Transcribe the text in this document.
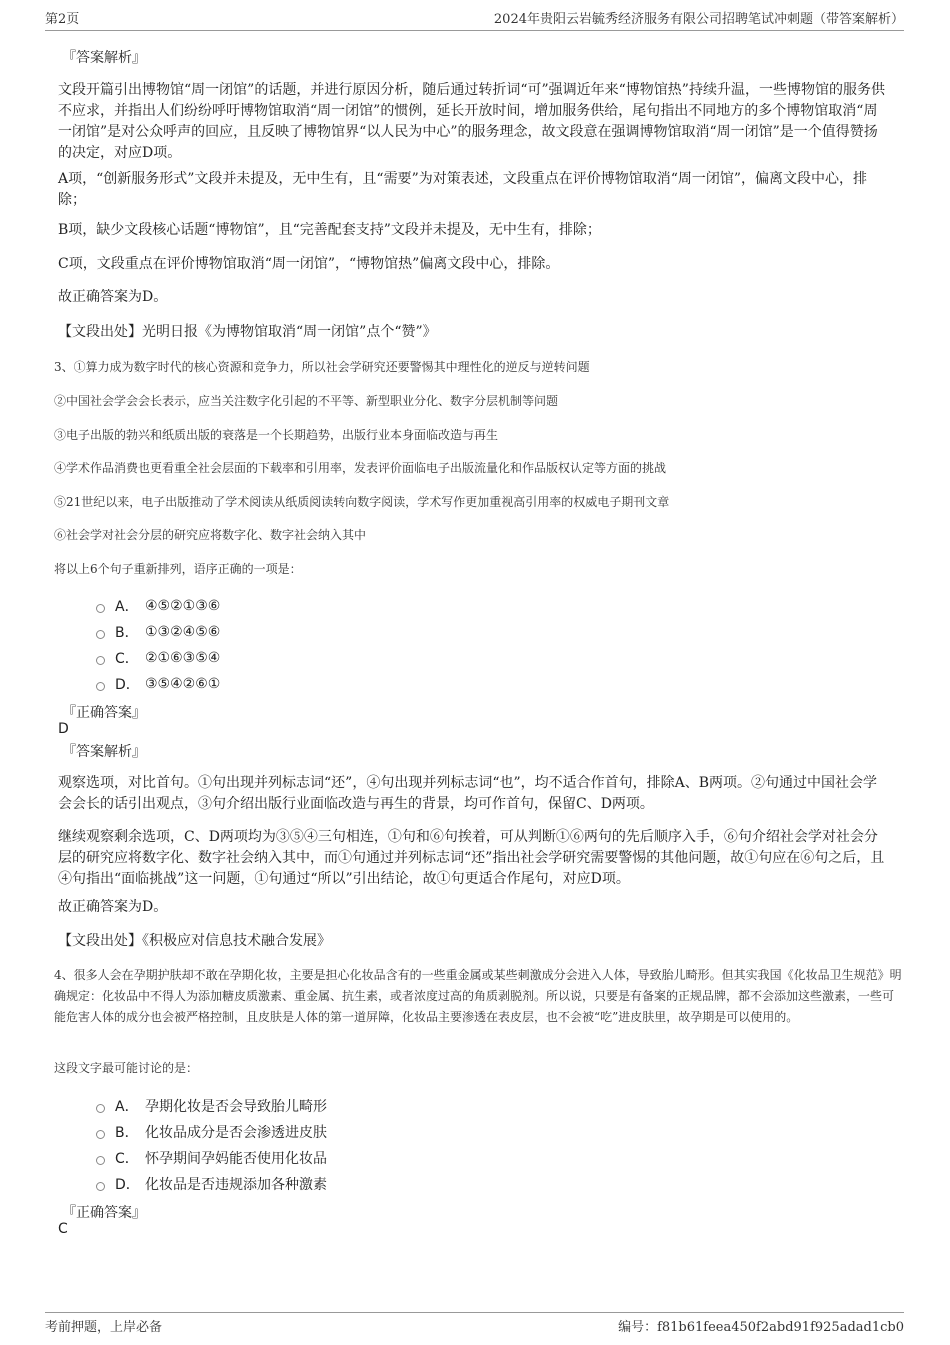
第2页	2024年贵阳云岩毓秀经济服务有限公司招聘笔试冲刺题（带答案解析）
『答案解析』

文段开篇引出博物馆“周一闭馆”的话题，并进行原因分析，随后通过转折词“可”强调近年来“博物馆热”持续升温，一些博物馆的服务供不应求，并指出人们纷纷呼吁博物馆取消“周一闭馆”的惯例，延长开放时间，增加服务供给，尾句指出不同地方的多个博物馆取消“周一闭馆”是对公众呼声的回应，且反映了博物馆界“以人民为中心”的服务理念，故文段意在强调博物馆取消“周一闭馆”是一个值得赞扬的决定，对应D项。

A项，“创新服务形式”文段并未提及，无中生有，且“需要”为对策表述，文段重点在评价博物馆取消“周一闭馆”，偏离文段中心，排除；

B项，缺少文段核心话题“博物馆”，且“完善配套支持”文段并未提及，无中生有，排除；

C项，文段重点在评价博物馆取消“周一闭馆”，“博物馆热”偏离文段中心，排除。

故正确答案为D。

【文段出处】光明日报《为博物馆取消“周一闭馆”点个“赞”》

3、①算力成为数字时代的核心资源和竞争力，所以社会学研究还要警惕其中理性化的逆反与逆转问题

②中国社会学会会长表示，应当关注数字化引起的不平等、新型职业分化、数字分层机制等问题

③电子出版的勃兴和纸质出版的衰落是一个长期趋势，出版行业本身面临改造与再生

④学术作品消费也更看重全社会层面的下载率和引用率，发表评价面临电子出版流量化和作品版权认定等方面的挑战

⑤21世纪以来，电子出版推动了学术阅读从纸质阅读转向数字阅读，学术写作更加重视高引用率的权威电子期刊文章

⑥社会学对社会分层的研究应将数字化、数字社会纳入其中

将以上6个句子重新排列，语序正确的一项是：

A． ④⑤②①③⑥
B． ①③②④⑤⑥
C． ②①⑥③⑤④
D． ③⑤④②⑥①
『正确答案』
D
『答案解析』

观察选项，对比首句。①句出现并列标志词“还”，④句出现并列标志词“也”，均不适合作首句，排除A、B两项。②句通过中国社会学会会长的话引出观点，③句介绍出版行业面临改造与再生的背景，均可作首句，保留C、D两项。

继续观察剩余选项，C、D两项均为③⑤④三句相连，①句和⑥句挨着，可从判断①⑥两句的先后顺序入手，⑥句介绍社会学对社会分层的研究应将数字化、数字社会纳入其中，而①句通过并列标志词“还”指出社会学研究需要警惕的其他问题，故①句应在⑥句之后，且④句指出“面临挑战”这一问题，①句通过“所以”引出结论，故①句更适合作尾句，对应D项。

故正确答案为D。

【文段出处】《积极应对信息技术融合发展》

4、很多人会在孕期护肤却不敢在孕期化妆，主要是担心化妆品含有的一些重金属或某些刺激成分会进入人体，导致胎儿畸形。但其实我国《化妆品卫生规范》明确规定：化妆品中不得人为添加糖皮质激素、重金属、抗生素，或者浓度过高的角质剥脱剂。所以说，只要是有备案的正规品牌，都不会添加这些激素，一些可能危害人体的成分也会被严格控制，且皮肤是人体的第一道屏障，化妆品主要渗透在表皮层，也不会被“吃”进皮肤里，故孕期是可以使用的。

这段文字最可能讨论的是：

A． 孕期化妆是否会导致胎儿畸形
B． 化妆品成分是否会渗透进皮肤
C． 怀孕期间孕妈能否使用化妆品
D． 化妆品是否违规添加各种激素
『正确答案』
C
考前押题，上岸必备	编号：f81b61feea450f2abd91f925adad1cb0
